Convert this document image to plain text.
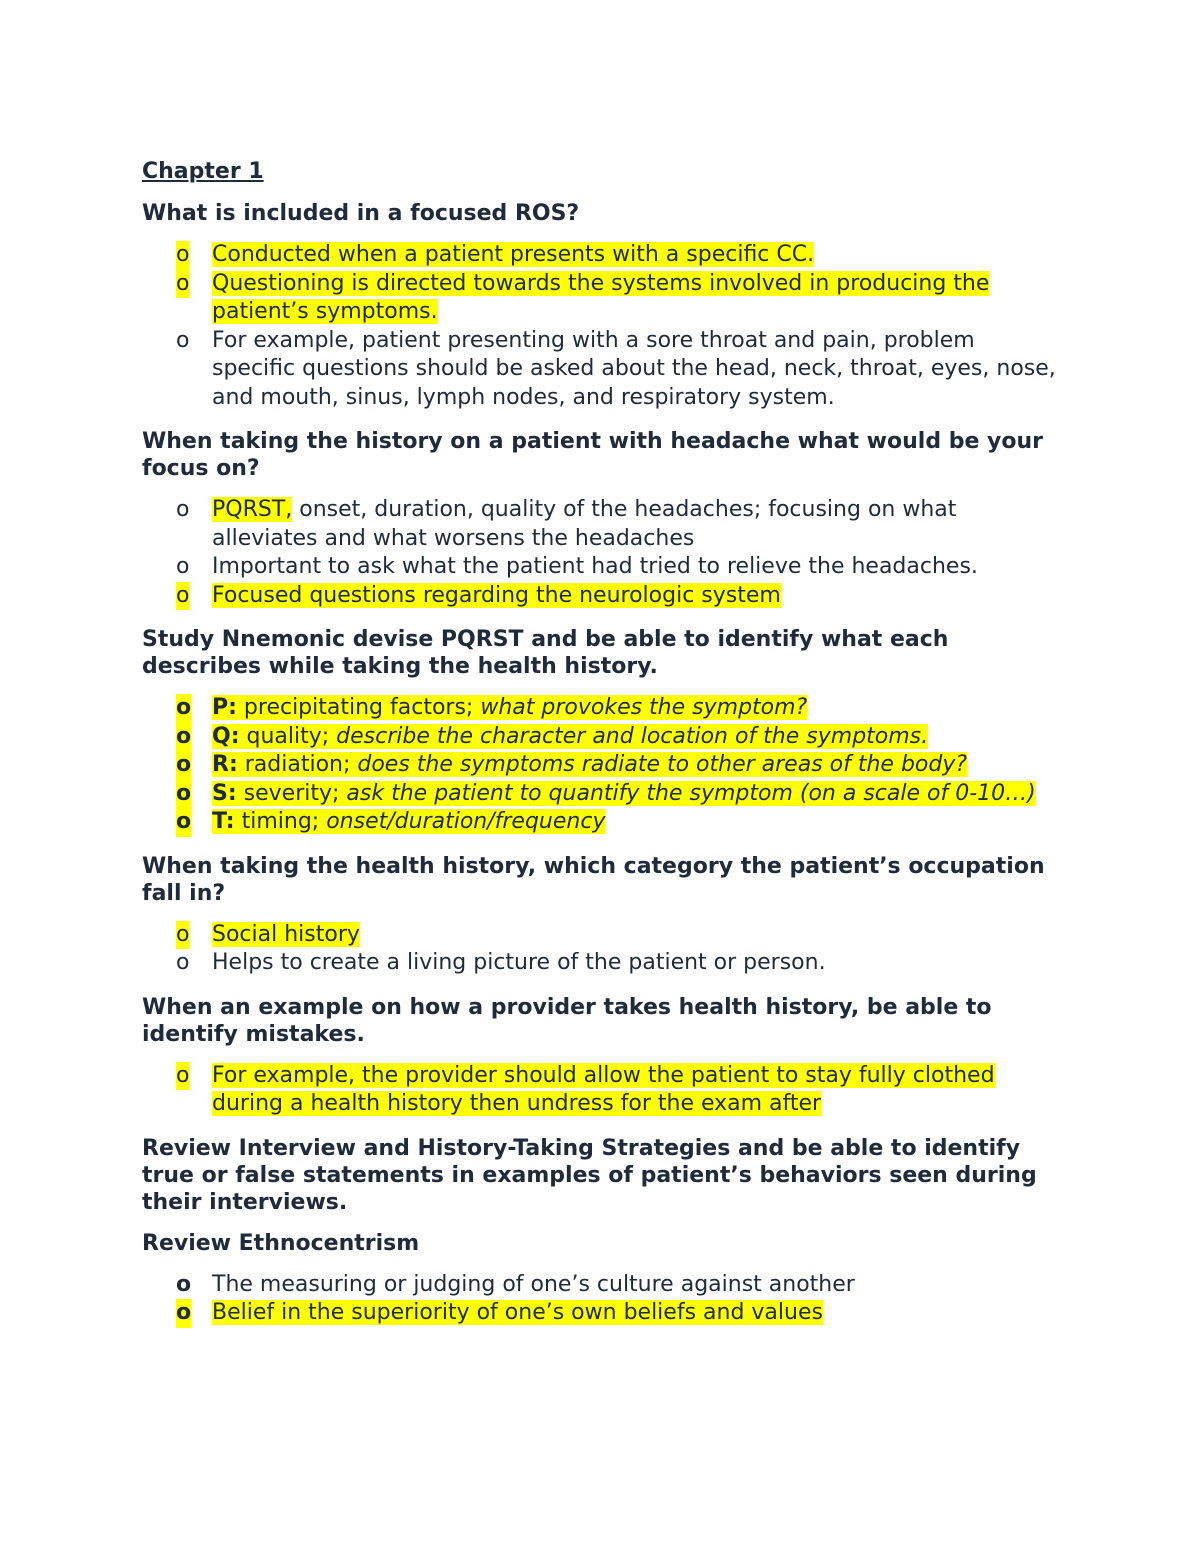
Chapter 1
What is included in a focused ROS?
o Conducted when a patient presents with a specific CC.
o Questioning is directed towards the systems involved in producing the patient’s symptoms.
o For example, patient presenting with a sore throat and pain, problem specific questions should be asked about the head, neck, throat, eyes, nose, and mouth, sinus, lymph nodes, and respiratory system.
When taking the history on a patient with headache what would be your focus on?
o PQRST, onset, duration, quality of the headaches; focusing on what alleviates and what worsens the headaches
o Important to ask what the patient had tried to relieve the headaches.
o Focused questions regarding the neurologic system
Study Nnemonic devise PQRST and be able to identify what each describes while taking the health history.
o P: precipitating factors; what provokes the symptom?
o Q: quality; describe the character and location of the symptoms.
o R: radiation; does the symptoms radiate to other areas of the body?
o S: severity; ask the patient to quantify the symptom (on a scale of 0-10…)
o T: timing; onset/duration/frequency
When taking the health history, which category the patient’s occupation fall in?
o Social history
o Helps to create a living picture of the patient or person.
When an example on how a provider takes health history, be able to identify mistakes.
o For example, the provider should allow the patient to stay fully clothed during a health history then undress for the exam after
Review Interview and History-Taking Strategies and be able to identify true or false statements in examples of patient’s behaviors seen during their interviews.
Review Ethnocentrism
o The measuring or judging of one’s culture against another
o Belief in the superiority of one’s own beliefs and values
